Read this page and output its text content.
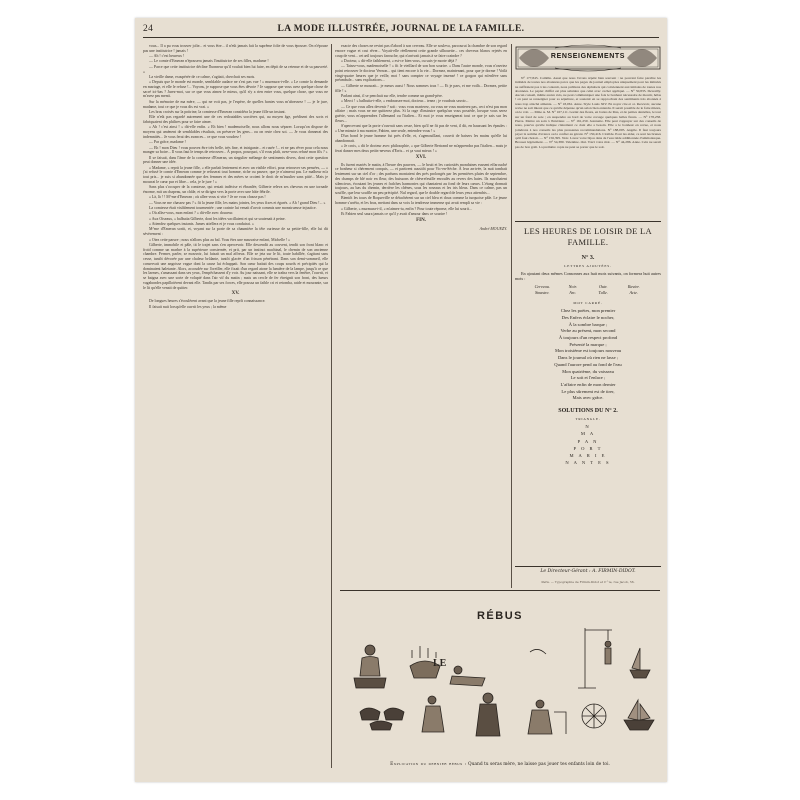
24	LA MODE ILLUSTRÉE, JOURNAL DE LA FAMILLE.

vous... Il a pu vous trouver jolie... et vous être... il n'eût jamais fait la suprême folie de vous épouser. On n'épouse pas une institutrice ! jamais !

— Ah ! c'est heureux !

— Le comte d'Emeran n'épousera jamais l'institutrice de ses filles, madame !

— Parce que cette institutrice décline l'honneur qu'il voulait bien lui faire, en dépit de sa retenue et de sa pauvreté. »

La vieille dame, exaspérée de ce calme, s'agitait, cherchait ses mots.

« Depuis que le monde est monde, semblable audace ne s'est pas vue ! » murmura-t-elle. « Le comte la demande en mariage, et elle le refuse !... Voyons, je suppose que vous êtes dévote ? Je suppose que vous avez quelque chose de sacré ici-bas ? Jurez-moi, sur ce que vous aimez le mieux, qu'il n'y a rien entre vous, quelque chose, que vous ne m'avez pas menti.

Sur la mémoire de ma mère, — qui ne voit pas, je l'espère, de quelles hontes vous m'abreuvez ! — je le jure, madame, tout ce que je vous dis est vrai. »

Les bras croisés sur la poitrine, la comtesse d'Emeran considéra la jeune fille un instant.

Elle n'eût pas regardé autrement une de ces redoutables sorcières qui, au moyen âge, prédisent des sorts et fabriquaient des philtres pour se faire aimer.

« Ah ! c'est ainsi ! » dit-elle enfin. « Eh bien ! mademoiselle, nous allons nous séparer. Lorsqu'on dispose de moyens qui amènent de semblables résultats, on préserve les gens... ou on reste chez soi. — Je vous donnerai des indemnités... Je vous ferai des avances... ce que vous voudrez !

— Par grâce, madame !

— Eh ! mon Dieu ! vous pouvez être très belle, très fine, et intrigante... et rusée !... et ne pas rêver pour cela nous manger sa boire... Il vous faut le temps de retrouver... À propos, pourquoi, s'il vous plaît, avez-vous refusé mon fils ? »

Il se faisait, dans l'âme de la comtesse d'Emeran, un singulier mélange de sentiments divers, dont cette question peut donner une idée.

« Madame, » reprit la jeune fille, « elle parlait lentement et avec un visible effort, pour retrouver ses pensées, — « j'ai refusé le comte d'Emeran comme je refuserai tout homme, riche ou pauvre, que je n'aimerai pas. Le malheur m'a tout pris... je suis si abandonnée que des femmes et des mères se croient le droit de m'insulter sans pitié... Mais je mourrai le cœur pur et libre... cela, je le jure ! »

Sans plus s'occuper de la comtesse, qui restait indécise et ébranlée, Gilberte releva ses cheveux en une tornade énorme, mit un chapeau, un châle, et se dirigea vers la porte avec une hâte fébrile.

« Là, là ! ! M^me d'Emeran ; où allez-vous si vite ? Je ne vous chasse pas !

— Vous ne me chassez pas ? » fit la jeune fille, les mains jointes, les yeux fixes et égarés. « Ah ! grand Dieu !... »

La comtesse était visiblement tourmentée ; une crainte lui venait d'avoir commis une monstrueuse injustice.

« Où allez-vous, mon enfant ? » dit-elle avec douceur.

« Aux Oiseaux, » balbutia Gilberte, dont les idées vacillaient et qui se soutenait à peine.

« Attendez quelques instants. James attellera et je vous conduirai. »

M^me d'Emeran sortit, et, voyant sur la porte de sa chaumière la tête curieuse de sa petite-fille, elle lui dit sévèrement :

« Otez cette parure ; nous n'allons plus au bal. Vous êtes une mauvaise enfant, Michelle ! »

Gilberte, immobile et pâle, tit le trajet sans s'en apercevoir. Elle descendit au couvent, tendit son front blanc et froid comme un marbre à la supérieure consternée, et prit, par un instinct machinal, le chemin de son ancienne chambre. Fermer, parler, se mouvoir, lui faisait un mal affreux. Elle se jeta sur le lit, toute habillée, s'agitant sans cesse, tantôt dévorée par une chaleur brûlante, tantôt glacée d'un frisson pénétrant. Dans son demi-sommeil, elle conservait une angoisse vague dont la cause lui échappait. Son cœur battait des coups sourds et précipités qui la dominaient haletante. Alors, accoudée sur l'oreiller, elle fixait d'un regard atone la lumière de la lampe, jusqu'à ce que les larmes, s'amassant dans ses yeux, l'empêchassent d'y voir. Au jour naissant, elle se traîna vers la fenêtre, l'ouvrit, et se baigna avec une sorte de volupté dans l'air vif du matin ; mais un cercle de fer étreignit son front, des lueurs vagabondes papillotèrent devant elle. Tandis par ses forces, elle poussa un faible cri et retomba, raide et mourante, sur le lit qu'elle venait de quitter.

XV.

De longues heures s'écoulèrent avant que la jeune fille reprît connaissance.

Il faisait nuit lorsqu'elle ouvrit les yeux ; la même

exacte des choses ne revint pas d'abord à son cerveau. Elle se souleva, parcourut la chambre de son regard encore vague et crut rêver... Voyait-elle réellement cette grande silhouette... ces cheveux blancs rejetés en coup de vent... cet œil toujours farouche, qui n'arrivait jamais à se faire craindre ?

« Docteur, » dit-elle faiblement, « est-ce bien vous, ou suis-je morte déjà ?

— Taisez-vous, mademoiselle ! » fit le vieillard de son bon sourire. « Dans l'autre monde, vous n'oseriez point retrouver le docteur Vernon... qui tient encore à la vie... Dormez, maintenant, pour que je dorme ! Voilà vingt-quatre heures que je veille, moi ! sans compter ce voyage insensé ! ce gorgon qui m'enlève sans préambule... sans explications...

— Gilberte se mourait... je meurs aussi ! Nous sommes tous ! — Et je pars, et me voilà... Dormez, petite fille ! »

Parlant ainsi, il se penchait sur elle, tendre comme un grand-père.

« Merci ! » balbutia-t-elle, « embrassez-moi, docteur... tenez ; je voudrais savoir...

— Ce que vous allez devenir ? soit : vous vous marierez, ou vous ne vous marierez pas, ceci n'est pas mon affaire ; mais vous ne me quitterez plus. Si la rage d'instruire quelqu'un vous possède, lorsque vous serez guérie, vous m'apprendrez l'allemand ou l'italien... Et moi je vous enseignerai tout ce que je sais sur les fleurs...

S'apercevant que la porte s'ouvrait sans cesse, bien qu'il ne fit pas de vent, il dit, en haussant les épaules : « Une minute à ma montre, Fabien, une seule, entendez-vous ! »

D'un bond le jeune homme fut près d'elle, et, s'agenouillant, couvrit de baisers les mains qu'elle lui abandonnait.

« Je crois, » dit le docteur avec philosophie, « que Gilberte Bertrand ne m'apprendra pas l'italien... mais je ferai danser mes deux petits-neveux d'Erris... et ça vaut mieux ! »

XVI.

Ils furent mariés le matin, à l'heure des pauvres, — le bruit et les curiosités mondaines eussent effarouché ce bonheur si chèrement conquis, — et partirent aussitôt pour Vic-en-Sèche. À leur arrivée, la nuit tombait lentement sur un ciel d'or ; des parfums montaient des prés prolongés par les premières pluies de septembre, des champs de blé noir en fleur, des buissons de chèvrefeuille enroulés au revers des haies. Ils marchaient silencieux, écoutant les jeunes et fraîches harmonies qui chantaient au fond de leurs cœurs. L'étang dormait toujours, au bas du chemin, derrière les chênes, sous les roseaux et les iris bleus. Dans ce calme, pas un souffle, que leur souffle un peu précipité. Nul regard, que le double regard de leurs yeux attendris...

Bientôt les tours de Roqueville se détachèrent sur un ciel bleu et doux comme la turquoise pâle. Le jeune homme s'arrêta, et les bras, mettant dans sa voix la tendresse immense qui avait rempli sa vie :

« Gilberte, » murmura-t-il, « m'aimes-tu, enfin ? Pour toute réponse, elle lui sourit...

Et Fabien seul saura jamais ce qu'il y avait d'amour dans ce sourire !

FIN.
André MOUEZY.
RENSEIGNEMENTS

N° 177,845. Camille. Aussi que nous l'avons répété bien souvent : ne pouvant faire paraître les intitulés de toutes nos abonnées parce que les pages du journal employées uniquement pour les intitulés ne suffiraient pas à les contenir, nous publions des alphabets qui conviennent aux initiales de toutes nos abonnées. Le papier chiffré est plus salutaire que celui avec cachet appliqué. — N° 50,835. Dewailly. Aucun conseil, même aucun avis, ne peut communiquer une fois le bonheur nécessaire de mourir, hélas ! on peut se renseigner pour sa sépulture, et soutenir en se rapprochant des sentiments très abonnés à nous trop attaché aimante. — N° 18,061. Anne. Style Louis XIV. En noyer cire et or. Recevoir, aucune revue ne sait mieux que ce qu'elle dépense qu'un salon bien entendu. Il serait possible de le faire mieux, on le voit. — Mme A. M. N° 167,111. Garnir des fleurs, en bottes de lilas, et de petites dentelles, le tout sur un fond de soie ; en suspendre au bord de votre corsage quelques belles fleurs. — N° 178,258. Pierre. Mettre un soin à l'intérieur. — N° 161,250. Jeannette. Elle peut s'appuyer sur des conseils de nous, pourvu qu'elle indique clairement ce dont elle a besoin. Elle a le bonheur en revue, et nous joindrons à nos conseils les plus pressantes recommandations. N° 188,005. Angèle. Il faut toujours payer la somme d'avance ou la confier au gérant. N° 150,416. Clotilde. Pour les aider, ce sont les brunes qu'il faut choisir. — N° 156,395. Noir. Lavez votre bijou dans de l'eau tiède additionnée d'ammoniaque. Brossez légèrement. — N° 54,380. Valentine. Oui. Voici votre mal. — N° 44,286. Anne. Cela ne serait pas de bon goût. La première copie ne peut se porter que le soir.

LES HEURES DE LOISIR DE LA FAMILLE.
N° 3.
LETTRES AJOUTÉES.
En ajoutant deux mêmes Consonnes aux huit mots suivants, on formera huit autres mots :
Cerveau.	Noir.	Outr.	Ravier.
Sinastre.	Arc.	Tulle.	Acte.
MOT CARRÉ.
Chez les poètes, mon premier
Des Enfers éclaire le nocher,
À la sombre barque ;
Verbe au présent, mon second
À toujours d'un respect profond
Présenté la marque ;
Mon troisième est toujours nouveau
Dans le journal où rien ne lasse ;
Quand l'aurore pend au fond de l'eau
Mon quatrième, du vaisseau
Le soit et l'enlace ;
L'affaire enfin de mon dernier
Le plus sûrement est de tirer,
Mais avec grâce.
SOLUTIONS DU N° 2.
TRIANGLE.
N
M A
P A N
P O R T
M A R I E
N A N T E S
Le Directeur-Gérant : A. FIRMIN-DIDOT.
Paris. — Typographie de Firmin-Didot et C^ie, rue Jacob, 56.
RÉBUS
LE
Explication du dernier rébus : Quand tu seras mère, ne laisse pas jouer tes enfants loin de toi.
